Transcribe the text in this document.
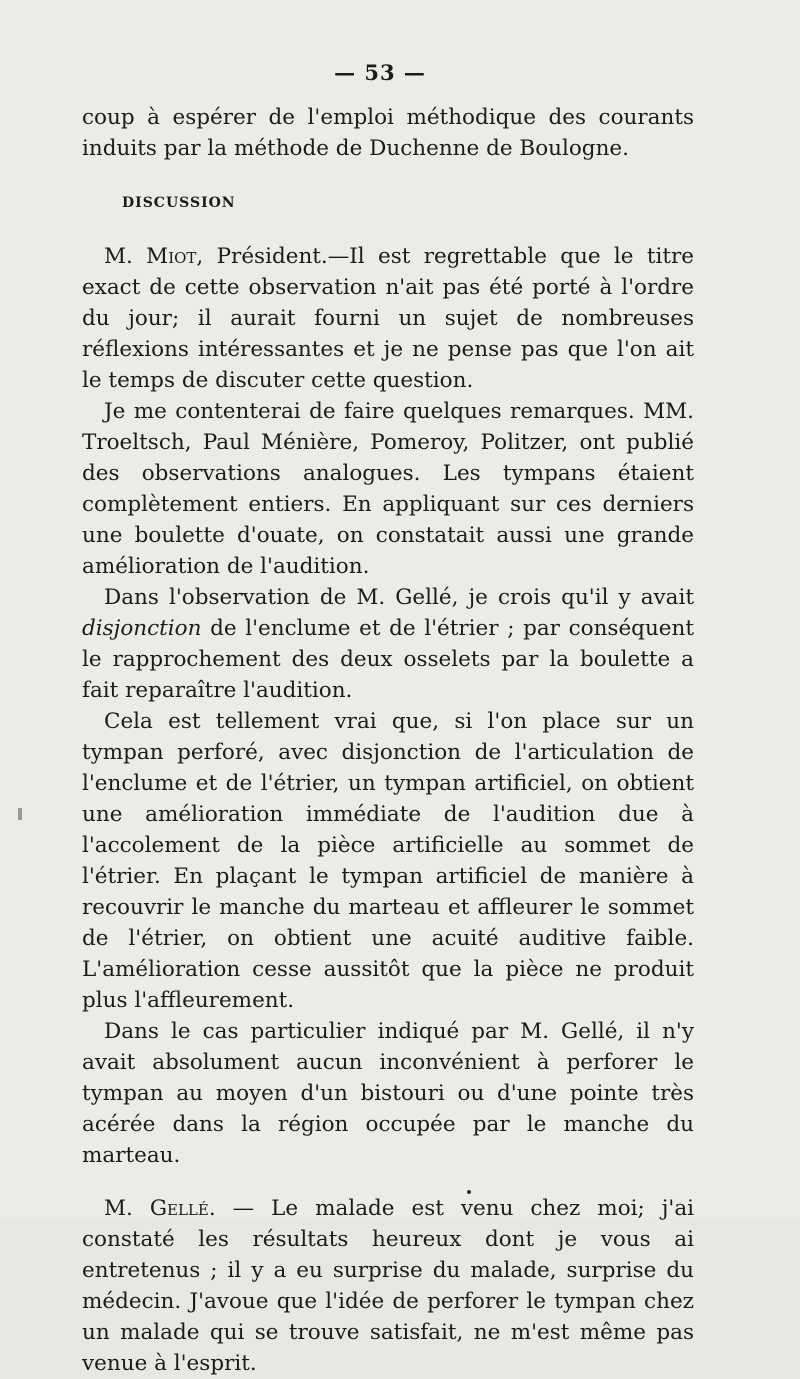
— 53 —

coup à espérer de l'emploi méthodique des courants induits par la méthode de Duchenne de Boulogne.

DISCUSSION

M. Miot, Président.—Il est regrettable que le titre exact de cette observation n'ait pas été porté à l'ordre du jour; il aurait fourni un sujet de nombreuses réflexions intéressantes et je ne pense pas que l'on ait le temps de discuter cette question.

Je me contenterai de faire quelques remarques. MM. Troeltsch, Paul Ménière, Pomeroy, Politzer, ont publié des observations analogues. Les tympans étaient complètement entiers. En appliquant sur ces derniers une boulette d'ouate, on constatait aussi une grande amélioration de l'audition.

Dans l'observation de M. Gellé, je crois qu'il y avait disjonction de l'enclume et de l'étrier ; par conséquent le rapprochement des deux osselets par la boulette a fait reparaître l'audition.

Cela est tellement vrai que, si l'on place sur un tympan perforé, avec disjonction de l'articulation de l'enclume et de l'étrier, un tympan artificiel, on obtient une amélioration immédiate de l'audition due à l'accolement de la pièce artificielle au sommet de l'étrier. En plaçant le tympan artificiel de manière à recouvrir le manche du marteau et affleurer le sommet de l'étrier, on obtient une acuité auditive faible. L'amélioration cesse aussitôt que la pièce ne produit plus l'affleurement.

Dans le cas particulier indiqué par M. Gellé, il n'y avait absolument aucun inconvénient à perforer le tympan au moyen d'un bistouri ou d'une pointe très acérée dans la région occupée par le manche du marteau.

M. Gellé. — Le malade est venu chez moi; j'ai constaté les résultats heureux dont je vous ai entretenus ; il y a eu surprise du malade, surprise du médecin. J'avoue que l'idée de perforer le tympan chez un malade qui se trouve satisfait, ne m'est même pas venue à l'esprit.
